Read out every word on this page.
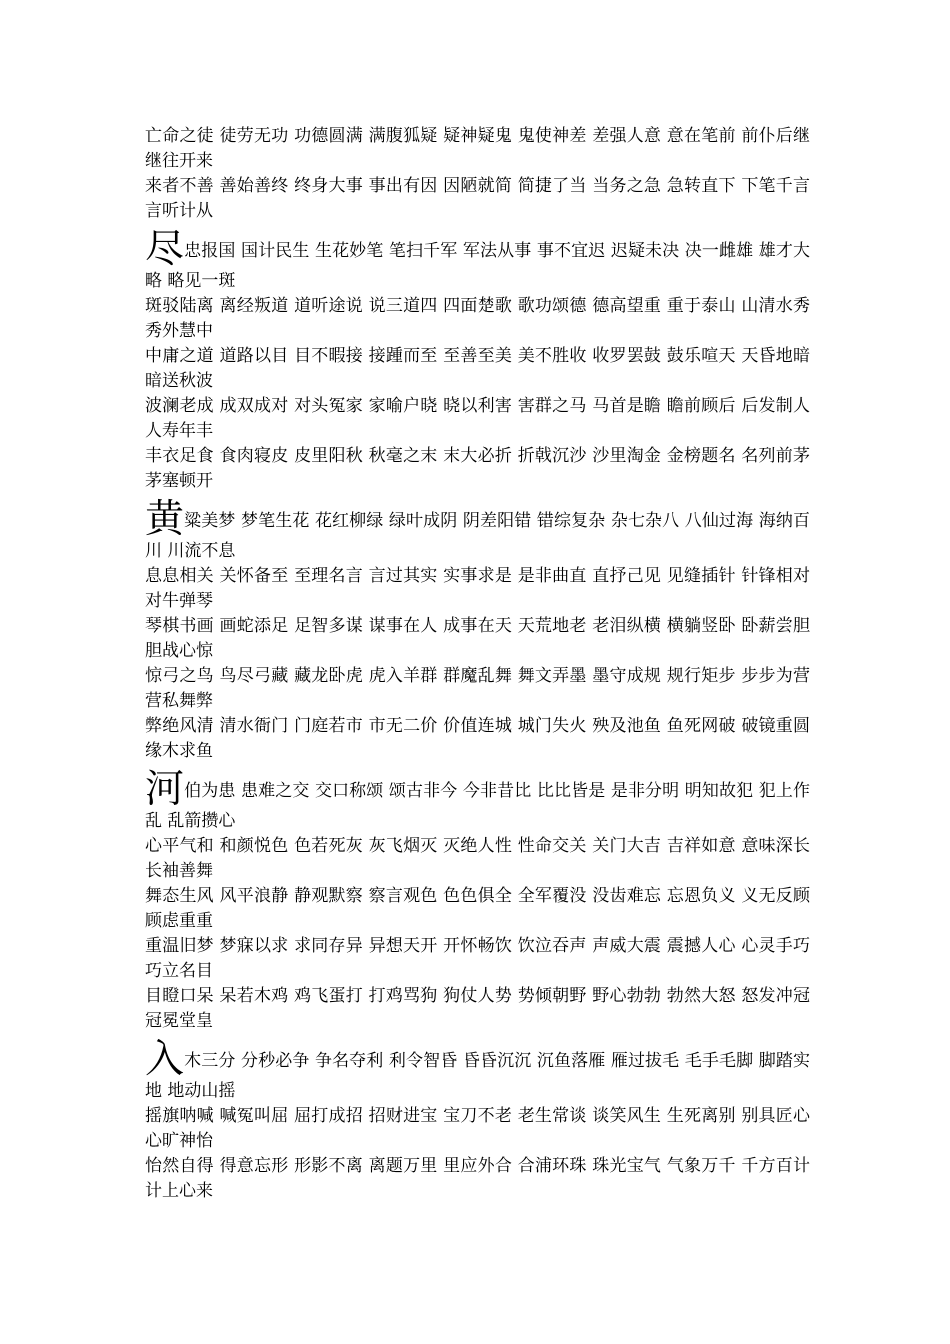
亡命之徒 徒劳无功 功德圆满 满腹狐疑 疑神疑鬼 鬼使神差 差强人意 意在笔前 前仆后继 继往开来

来者不善 善始善终 终身大事 事出有因 因陋就简 简捷了当 当务之急 急转直下 下笔千言 言听计从

尽忠报国 国计民生 生花妙笔 笔扫千军 军法从事 事不宜迟 迟疑未决 决一雌雄 雄才大略 略见一斑

斑驳陆离 离经叛道 道听途说 说三道四 四面楚歌 歌功颂德 德高望重 重于泰山 山清水秀 秀外慧中

中庸之道 道路以目 目不暇接 接踵而至 至善至美 美不胜收 收罗罢鼓 鼓乐喧天 天昏地暗 暗送秋波

波澜老成 成双成对 对头冤家 家喻户晓 晓以利害 害群之马 马首是瞻 瞻前顾后 后发制人 人寿年丰

丰衣足食 食肉寝皮 皮里阳秋 秋毫之末 末大必折 折戟沉沙 沙里淘金 金榜题名 名列前茅 茅塞顿开

黄粱美梦 梦笔生花 花红柳绿 绿叶成阴 阴差阳错 错综复杂 杂七杂八 八仙过海 海纳百川 川流不息

息息相关 关怀备至 至理名言 言过其实 实事求是 是非曲直 直抒己见 见缝插针 针锋相对 对牛弹琴

琴棋书画 画蛇添足 足智多谋 谋事在人 成事在天 天荒地老 老泪纵横 横躺竖卧 卧薪尝胆 胆战心惊

惊弓之鸟 鸟尽弓藏 藏龙卧虎 虎入羊群 群魔乱舞 舞文弄墨 墨守成规 规行矩步 步步为营 营私舞弊

弊绝风清 清水衙门 门庭若市 市无二价 价值连城 城门失火 殃及池鱼 鱼死网破 破镜重圆 缘木求鱼

河伯为患 患难之交 交口称颂 颂古非今 今非昔比 比比皆是 是非分明 明知故犯 犯上作乱 乱箭攒心

心平气和 和颜悦色 色若死灰 灰飞烟灭 灭绝人性 性命交关 关门大吉 吉祥如意 意味深长 长袖善舞

舞态生风 风平浪静 静观默察 察言观色 色色俱全 全军覆没 没齿难忘 忘恩负义 义无反顾 顾虑重重

重温旧梦 梦寐以求 求同存异 异想天开 开怀畅饮 饮泣吞声 声威大震 震撼人心 心灵手巧 巧立名目

目瞪口呆 呆若木鸡 鸡飞蛋打 打鸡骂狗 狗仗人势 势倾朝野 野心勃勃 勃然大怒 怒发冲冠 冠冕堂皇

入木三分 分秒必争 争名夺利 利令智昏 昏昏沉沉 沉鱼落雁 雁过拔毛 毛手毛脚 脚踏实地 地动山摇

摇旗呐喊 喊冤叫屈 屈打成招 招财进宝 宝刀不老 老生常谈 谈笑风生 生死离别 别具匠心 心旷神怡

怡然自得 得意忘形 形影不离 离题万里 里应外合 合浦环珠 珠光宝气 气象万千 千方百计 计上心来
